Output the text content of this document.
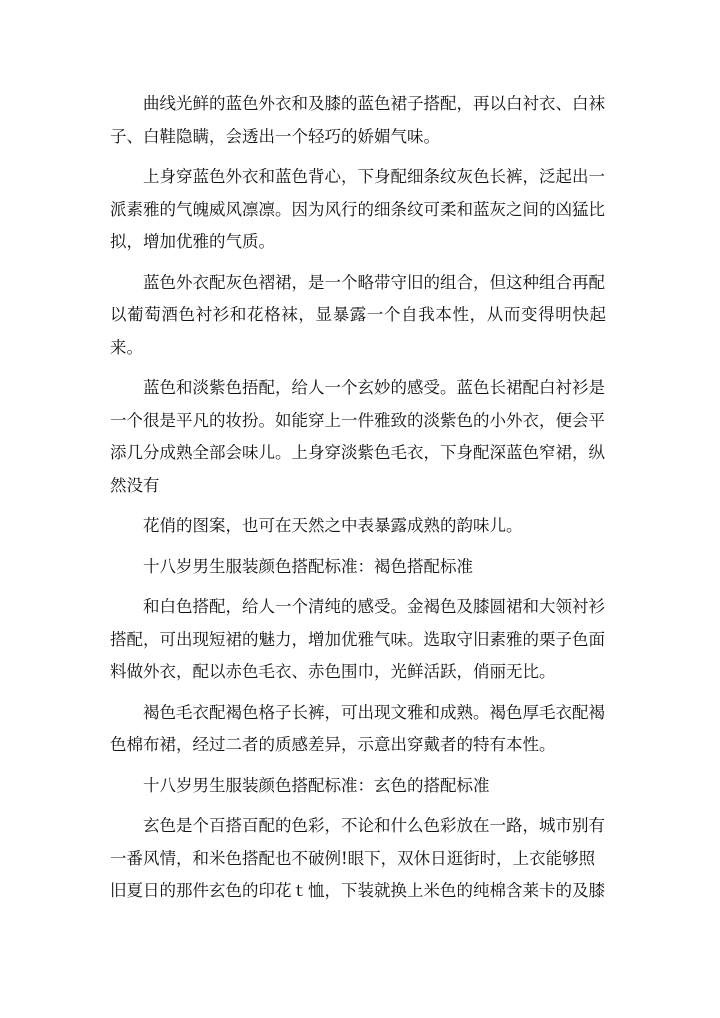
曲线光鲜的蓝色外衣和及膝的蓝色裙子搭配，再以白衬衣、白袜
子、白鞋隐瞒，会透出一个轻巧的娇媚气味。
上身穿蓝色外衣和蓝色背心，下身配细条纹灰色长裤，泛起出一
派素雅的气魄威风凛凛。因为风行的细条纹可柔和蓝灰之间的凶猛比
拟，增加优雅的气质。
蓝色外衣配灰色褶裙，是一个略带守旧的组合，但这种组合再配
以葡萄酒色衬衫和花格袜，显暴露一个自我本性，从而变得明快起来。
蓝色和淡紫色捂配，给人一个玄妙的感受。蓝色长裙配白衬衫是
一个很是平凡的妆扮。如能穿上一件雅致的淡紫色的小外衣，便会平
添几分成熟全部会味儿。上身穿淡紫色毛衣，下身配深蓝色窄裙，纵
然没有
花俏的图案，也可在天然之中表暴露成熟的韵味儿。
十八岁男生服装颜色搭配标准：褐色搭配标准
和白色搭配，给人一个清纯的感受。金褐色及膝圆裙和大领衬衫
搭配，可出现短裙的魅力，增加优雅气味。选取守旧素雅的栗子色面
料做外衣，配以赤色毛衣、赤色围巾，光鲜活跃，俏丽无比。
褐色毛衣配褐色格子长裤，可出现文雅和成熟。褐色厚毛衣配褐
色棉布裙，经过二者的质感差异，示意出穿戴者的特有本性。
十八岁男生服装颜色搭配标准：玄色的搭配标准
玄色是个百搭百配的色彩，不论和什么色彩放在一路，城市别有
一番风情，和米色搭配也不破例!眼下，双休日逛街时，上衣能够照
旧夏日的那件玄色的印花ｔ恤，下装就换上米色的纯棉含莱卡的及膝
